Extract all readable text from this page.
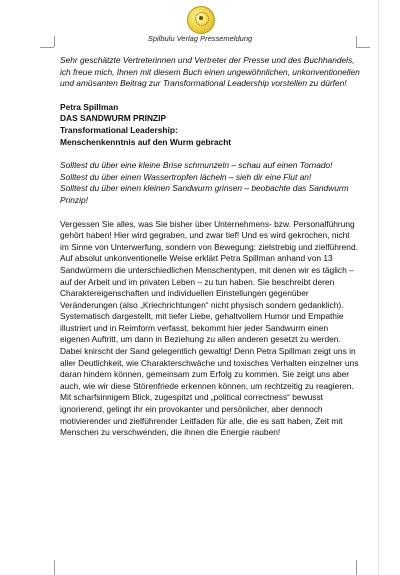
Spilbulu Verlag Pressemeldung

Sehr geschätzte Vertreterinnen und Vertreter der Presse und des Buchhandels, ich freue mich, Ihnen mit diesem Buch einen ungewöhnlichen, unkonventionellen und amüsanten Beitrag zur Transformational Leadership vorstellen zu dürfen!

Petra Spillman

DAS SANDWURM PRINZIP

Transformational Leadership:

Menschenkenntnis auf den Wurm gebracht

Solltest du über eine kleine Brise schmunzeln – schau auf einen Tornado!

Solltest du über einen Wassertropfen lächeln – sieh dir eine Flut an!

Solltest du über einen kleinen Sandwurm grinsen – beobachte das Sandwurm Prinzip!

Vergessen Sie alles, was Sie bisher über Unternehmens- bzw. Personalführung gehört haben! Hier wird gegraben, und zwar tief! Und es wird gekrochen, nicht im Sinne von Unterwerfung, sondern von Bewegung: zielstrebig und zielführend.

Auf absolut unkonventionelle Weise erklärt Petra Spillman anhand von 13 Sandwürmern die unterschiedlichen Menschentypen, mit denen wir es täglich – auf der Arbeit und im privaten Leben – zu tun haben. Sie beschreibt deren Charaktereigenschaften und individuellen Einstellungen gegenüber Veränderungen (also „Kriechrichtungen“ nicht physisch sondern gedanklich).

Systematisch dargestellt, mit tiefer Liebe, gehaltvollem Humor und Empathie illustriert und in Reimform verfasst, bekommt hier jeder Sandwurm einen eigenen Auftritt, um dann in Beziehung zu allen anderen gesetzt zu werden. Dabei knirscht der Sand gelegentlich gewaltig! Denn Petra Spillman zeigt uns in aller Deutlichkeit, wie Charakterschwäche und toxisches Verhalten einzelner uns daran hindern können, gemeinsam zum Erfolg zu kommen. Sie zeigt uns aber auch, wie wir diese Störenfriede erkennen können, um rechtzeitig zu reagieren.

Mit scharfsinnigem Blick, zugespitzt und „political correctness“ bewusst ignorierend, gelingt ihr ein provokanter und persönlicher, aber dennoch motivierender und zielführender Leitfaden für alle, die es satt haben, Zeit mit Menschen zu verschwenden, die ihnen die Energie rauben!
